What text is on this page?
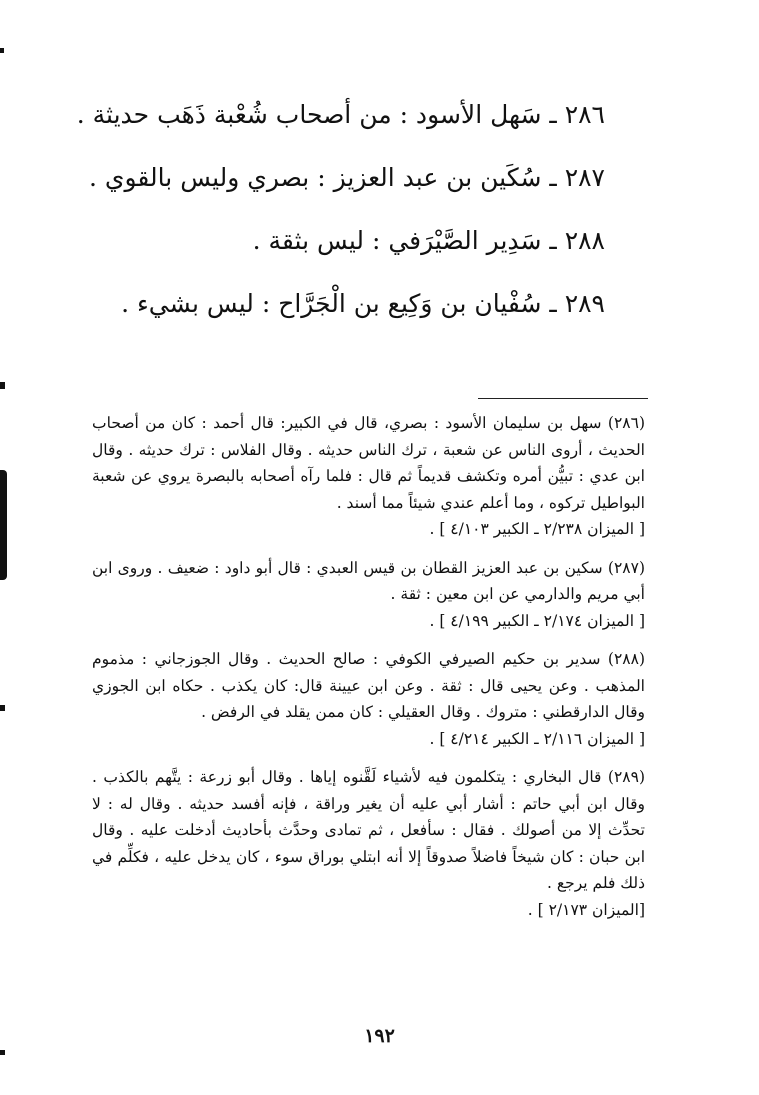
٢٨٦ ـ سَهل الأسود : من أصحاب شُعْبة ذَهَب حديثة .
٢٨٧ ـ سُكَين بن عبد العزيز : بصري وليس بالقوي .
٢٨٨ ـ سَدِير الصَّيْرَفي : ليس بثقة .
٢٨٩ ـ سُفْيان بن وَكِيع بن الْجَرَّاح : ليس بشيء .
(٢٨٦) سهل بن سليمان الأسود : بصري، قال في الكبير: قال أحمد : كان من أصحاب الحديث ، أروى الناس عن شعبة ، ترك الناس حديثه . وقال الفلاس : ترك حديثه . وقال ابن عدي : تبيُّن أمره وتكشف قديماً ثم قال : فلما رآه أصحابه بالبصرة يروي عن شعبة البواطيل تركوه ، وما أعلم عندي شيئاً مما أسند .
[ الميزان ٢/٢٣٨ ـ الكبير ٤/١٠٣ ] .
(٢٨٧) سكين بن عبد العزيز القطان بن قيس العبدي : قال أبو داود : ضعيف . وروى ابن أبي مريم والدارمي عن ابن معين : ثقة .
[ الميزان ٢/١٧٤ ـ الكبير ٤/١٩٩ ] .
(٢٨٨) سدير بن حكيم الصيرفي الكوفي : صالح الحديث . وقال الجوزجاني : مذموم المذهب . وعن يحيى قال : ثقة . وعن ابن عيينة قال: كان يكذب . حكاه ابن الجوزي وقال الدارقطني : متروك . وقال العقيلي : كان ممن يقلد في الرفض .
[ الميزان ٢/١١٦ ـ الكبير ٤/٢١٤ ] .
(٢٨٩) قال البخاري : يتكلمون فيه لأشياء لَقَّنوه إياها . وقال أبو زرعة : يتَّهم بالكذب . وقال ابن أبي حاتم : أشار أبي عليه أن يغير وراقة ، فإنه أفسد حديثه . وقال له : لا تحدِّث إلا من أصولك . فقال : سأفعل ، ثم تمادى وحدَّث بأحاديث أدخلت عليه . وقال ابن حبان : كان شيخاً فاضلاً صدوقاً إلا أنه ابتلي بوراق سوء ، كان يدخل عليه ، فكلِّم في ذلك فلم يرجع .
[الميزان ٢/١٧٣ ] .
١٩٢
